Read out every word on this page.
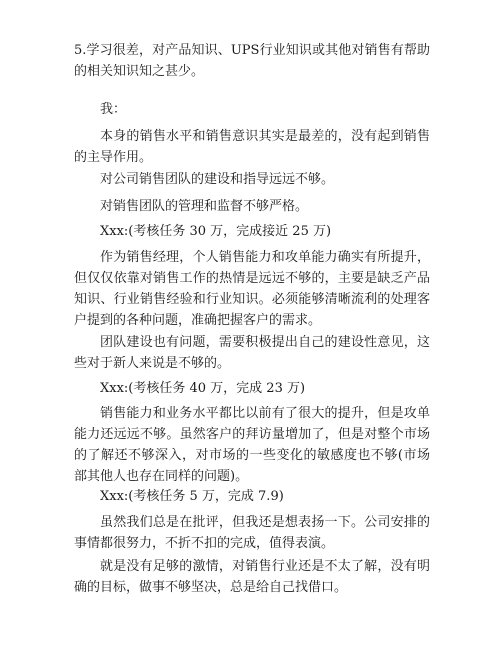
5.学习很差，对产品知识、UPS行业知识或其他对销售有帮助的相关知识知之甚少。

我：

本身的销售水平和销售意识其实是最差的，没有起到销售的主导作用。

对公司销售团队的建设和指导远远不够。

对销售团队的管理和监督不够严格。

Xxx:(考核任务 30 万，完成接近 25 万)

作为销售经理，个人销售能力和攻单能力确实有所提升，但仅仅依靠对销售工作的热情是远远不够的，主要是缺乏产品知识、行业销售经验和行业知识。必须能够清晰流利的处理客户提到的各种问题，准确把握客户的需求。

团队建设也有问题，需要积极提出自己的建设性意见，这些对于新人来说是不够的。

Xxx:(考核任务 40 万，完成 23 万)

销售能力和业务水平都比以前有了很大的提升，但是攻单能力还远远不够。虽然客户的拜访量增加了，但是对整个市场的了解还不够深入，对市场的一些变化的敏感度也不够(市场部其他人也存在同样的问题)。

Xxx:(考核任务 5 万，完成 7.9)

虽然我们总是在批评，但我还是想表扬一下。公司安排的事情都很努力，不折不扣的完成，值得表演。

就是没有足够的激情，对销售行业还是不太了解，没有明确的目标，做事不够坚决，总是给自己找借口。
